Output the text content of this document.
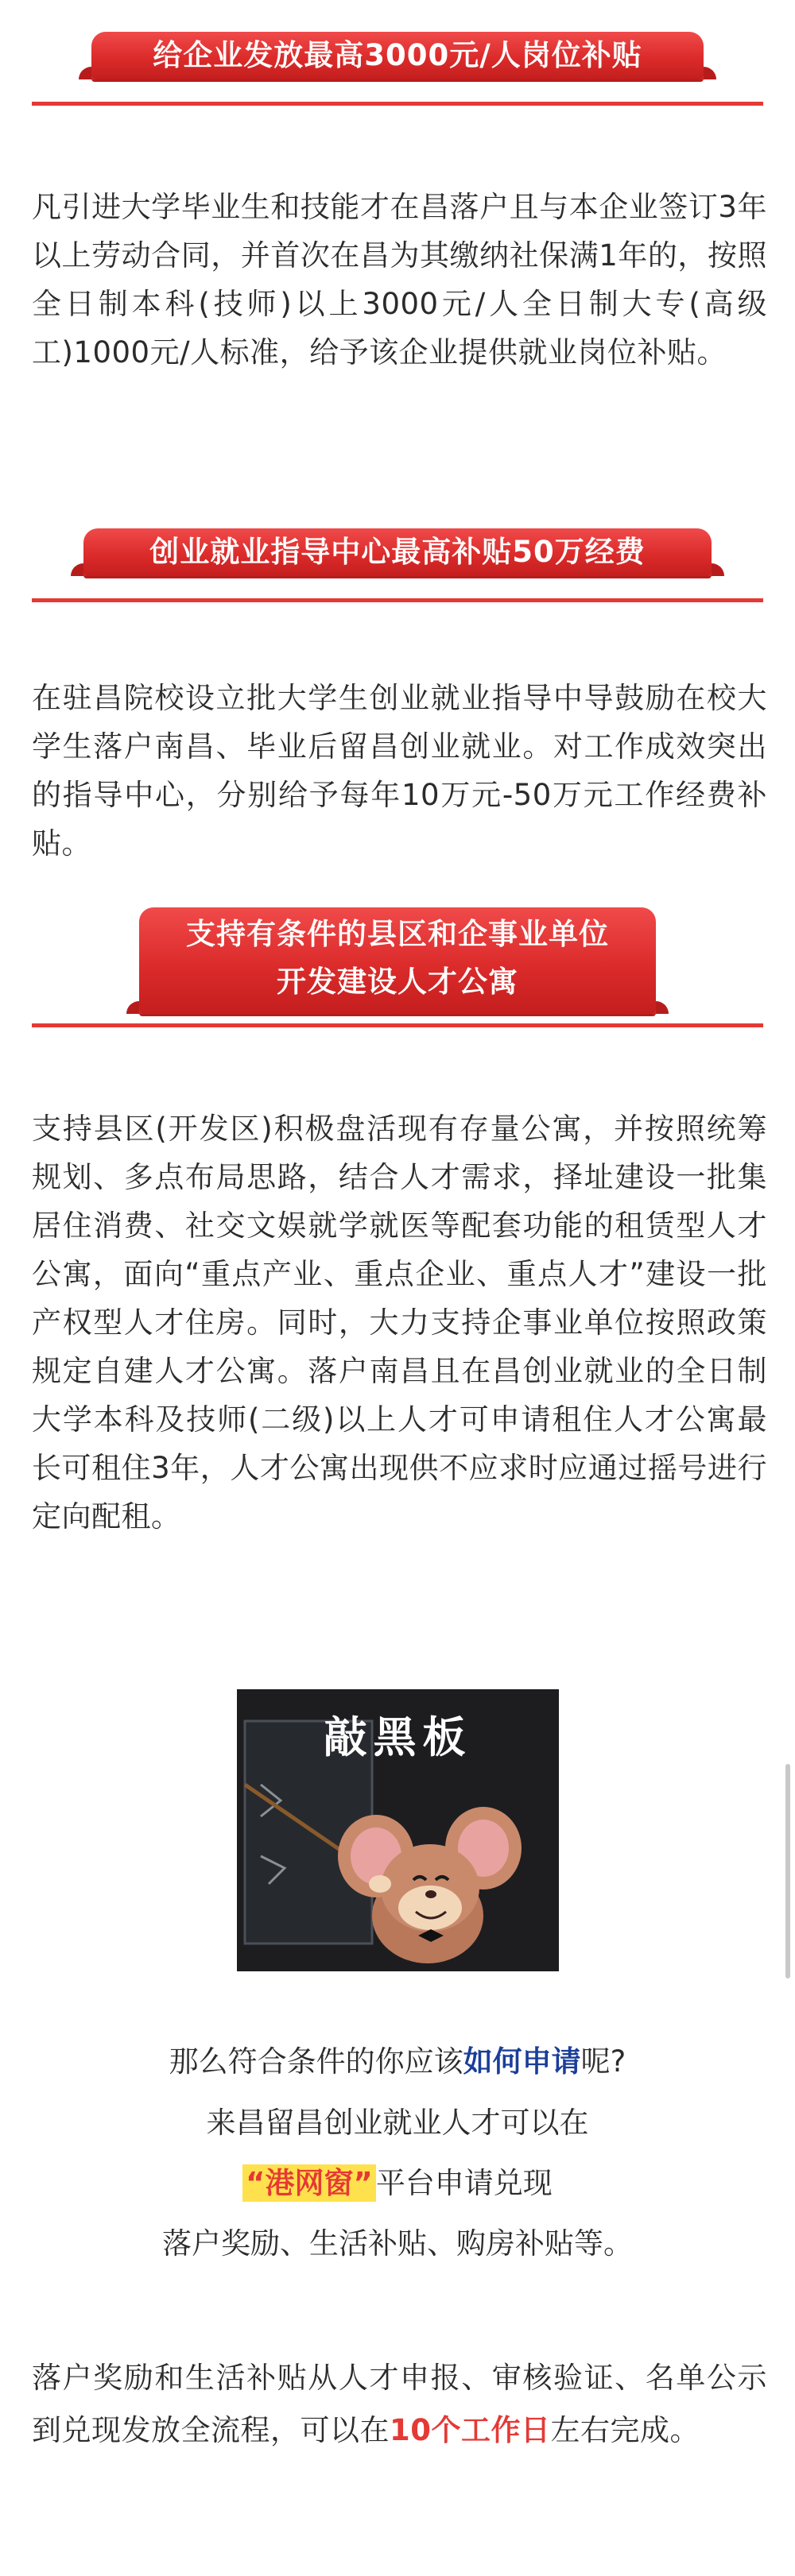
给企业发放最高3000元/人岗位补贴
凡引进大学毕业生和技能才在昌落户且与本企业签订3年以上劳动合同，并首次在昌为其缴纳社保满1年的，按照全日制本科(技师)以上3000元/人全日制大专(高级工)1000元/人标准，给予该企业提供就业岗位补贴。
创业就业指导中心最高补贴50万经费
在驻昌院校设立批大学生创业就业指导中导鼓励在校大学生落户南昌、毕业后留昌创业就业。对工作成效突出的指导中心，分别给予每年10万元-50万元工作经费补贴。
支持有条件的县区和企事业单位
开发建设人才公寓
支持县区(开发区)积极盘活现有存量公寓，并按照统筹规划、多点布局思路，结合人才需求，择址建设一批集居住消费、社交文娱就学就医等配套功能的租赁型人才公寓，面向“重点产业、重点企业、重点人才”建设一批产权型人才住房。同时，大力支持企事业单位按照政策规定自建人才公寓。落户南昌且在昌创业就业的全日制大学本科及技师(二级)以上人才可申请租住人才公寓最长可租住3年，人才公寓出现供不应求时应通过摇号进行定向配租。
敲黑板
那么符合条件的你应该如何申请呢?
来昌留昌创业就业人才可以在
“港网窗” 平台申请兑现
落户奖励、生活补贴、购房补贴等。
落户奖励和生活补贴从人才申报、审核验证、名单公示到兑现发放全流程，可以在10个工作日左右完成。
